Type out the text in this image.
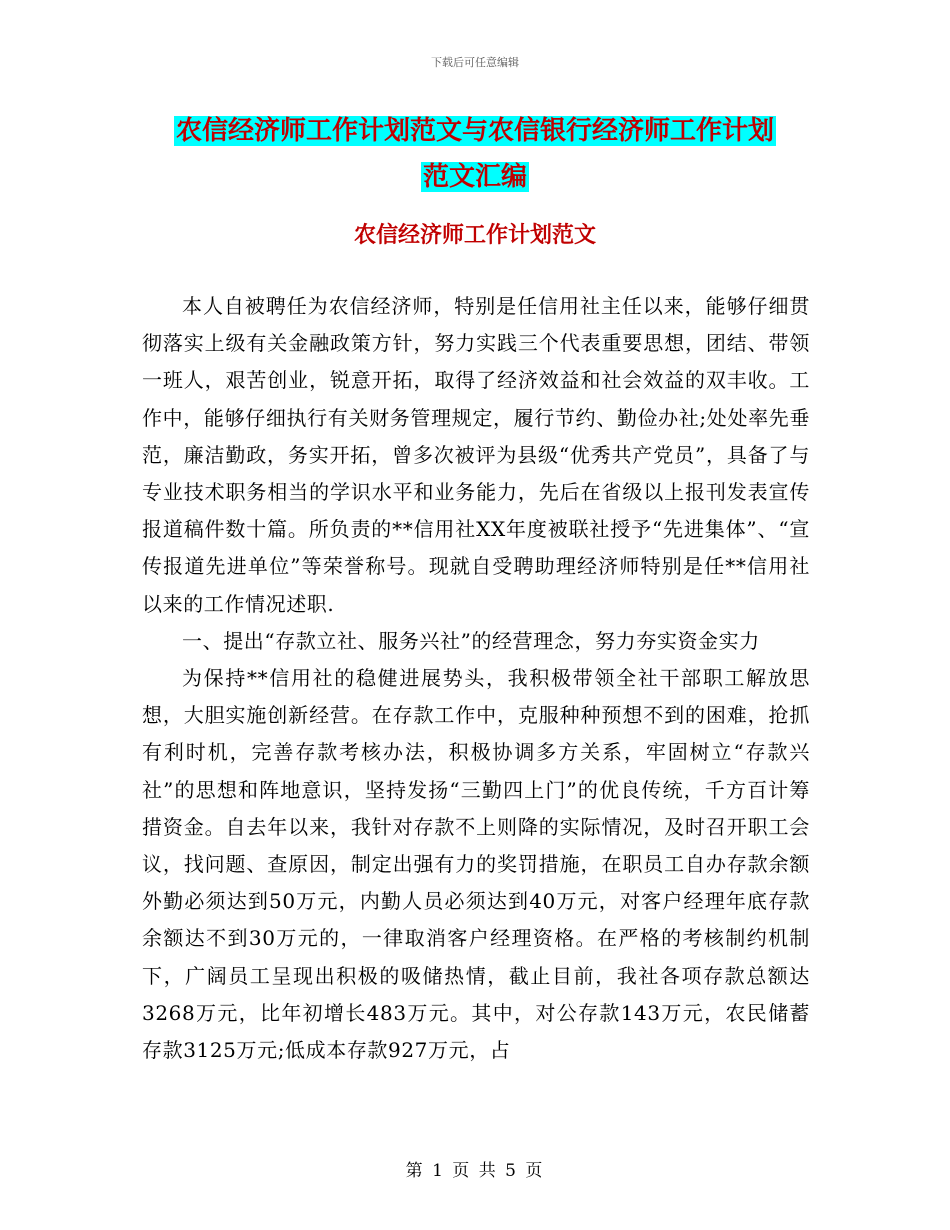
下载后可任意编辑
农信经济师工作计划范文与农信银行经济师工作计划
范文汇编
农信经济师工作计划范文

本人自被聘任为农信经济师，特别是任信用社主任以来，能够仔细贯彻落实上级有关金融政策方针，努力实践三个代表重要思想，团结、带领一班人，艰苦创业，锐意开拓，取得了经济效益和社会效益的双丰收。工作中，能够仔细执行有关财务管理规定，履行节约、勤俭办社;处处率先垂范，廉洁勤政，务实开拓，曾多次被评为县级“优秀共产党员”，具备了与专业技术职务相当的学识水平和业务能力，先后在省级以上报刊发表宣传报道稿件数十篇。所负责的**信用社XX年度被联社授予“先进集体”、“宣传报道先进单位”等荣誉称号。现就自受聘助理经济师特别是任**信用社以来的工作情况述职.

一、提出“存款立社、服务兴社”的经营理念，努力夯实资金实力

为保持**信用社的稳健进展势头，我积极带领全社干部职工解放思想，大胆实施创新经营。在存款工作中，克服种种预想不到的困难，抢抓有利时机，完善存款考核办法，积极协调多方关系，牢固树立“存款兴社”的思想和阵地意识，坚持发扬“三勤四上门”的优良传统，千方百计筹措资金。自去年以来，我针对存款不上则降的实际情况，及时召开职工会议，找问题、查原因，制定出强有力的奖罚措施，在职员工自办存款余额外勤必须达到50万元，内勤人员必须达到40万元，对客户经理年底存款余额达不到30万元的，一律取消客户经理资格。在严格的考核制约机制下，广阔员工呈现出积极的吸储热情，截止目前，我社各项存款总额达3268万元，比年初增长483万元。其中，对公存款143万元，农民储蓄存款3125万元;低成本存款927万元，占

第 1 页 共 5 页
